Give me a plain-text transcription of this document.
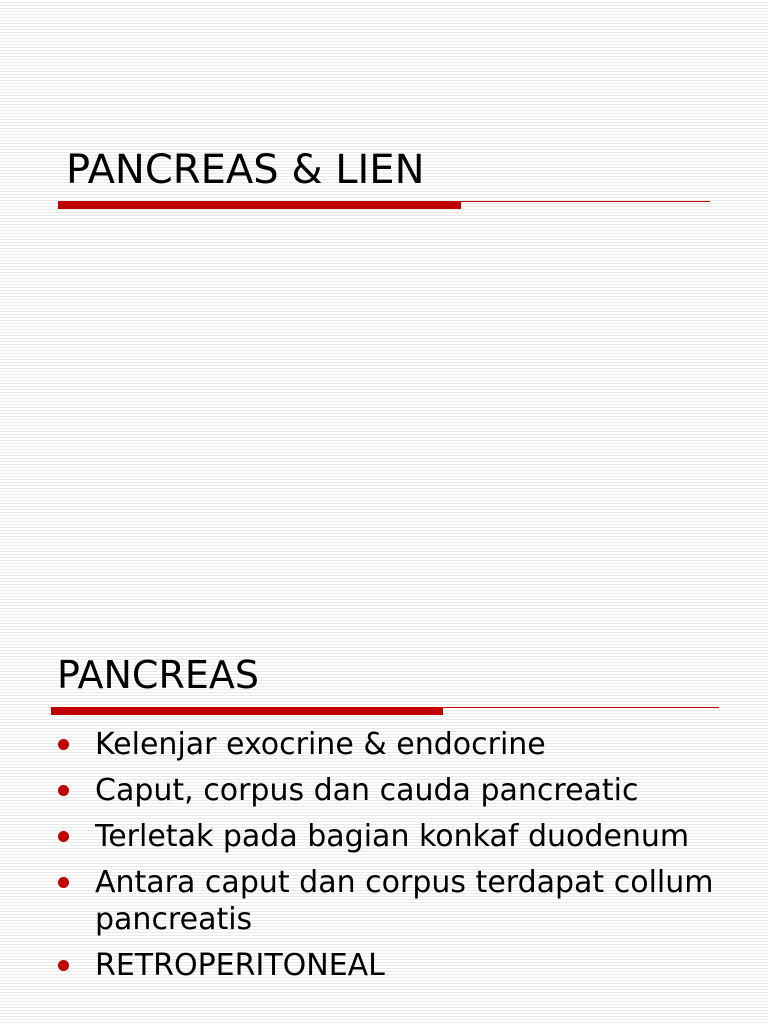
PANCREAS & LIEN
PANCREAS
Kelenjar exocrine & endocrine
Caput, corpus dan cauda pancreatic
Terletak pada bagian konkaf duodenum
Antara caput dan corpus terdapat collum pancreatis
RETROPERITONEAL
